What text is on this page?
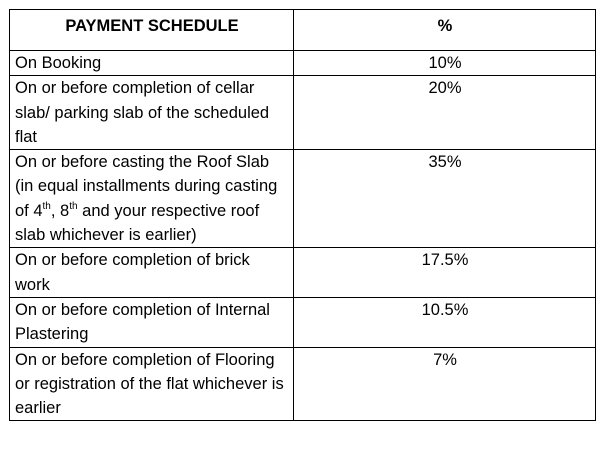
PAYMENT SCHEDULE	%
On Booking	10%
On or before completion of cellar slab/ parking slab of the scheduled flat	20%
On or before casting the Roof Slab (in equal installments during casting of 4th, 8th and your respective roof slab whichever is earlier)	35%
On or before completion of brick work	17.5%
On or before completion of Internal Plastering	10.5%
On or before completion of Flooring or registration of the flat whichever is earlier	7%
